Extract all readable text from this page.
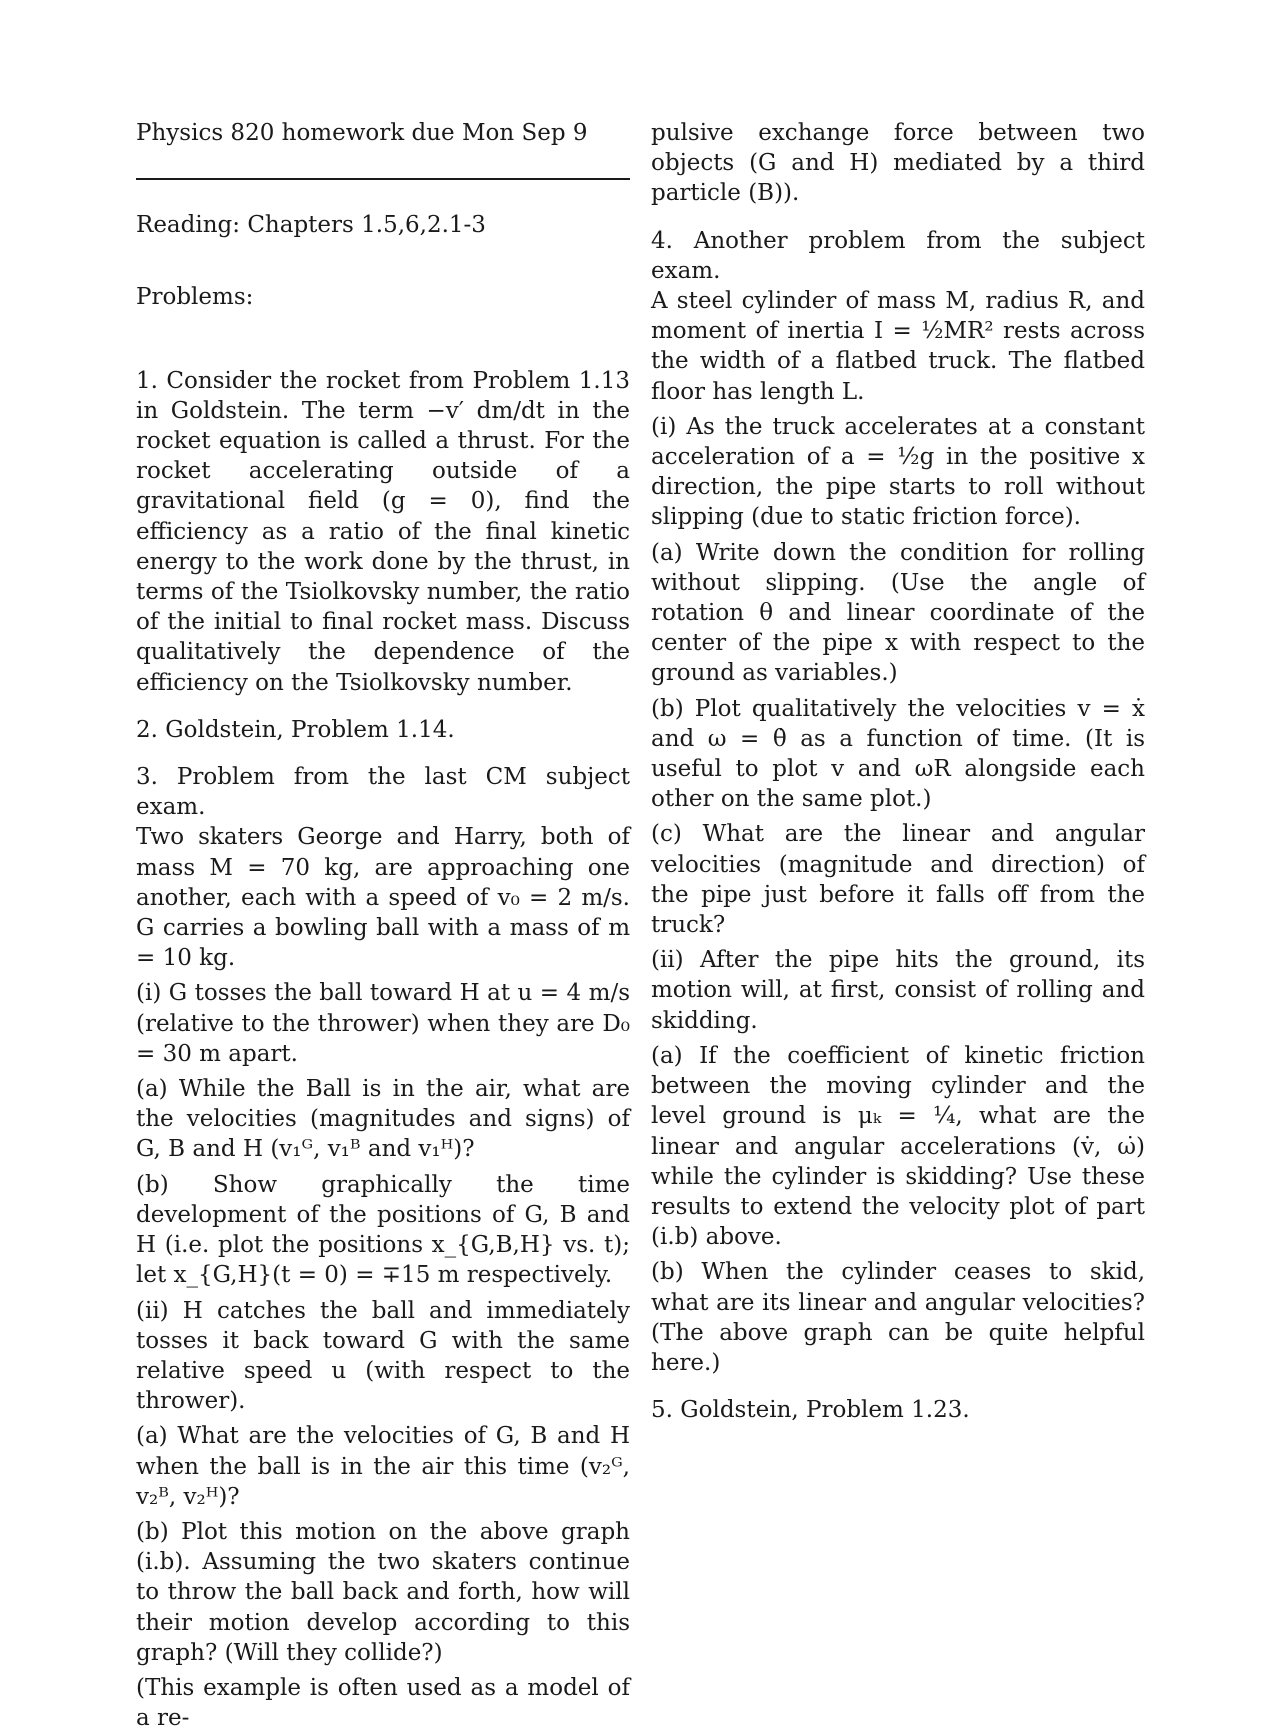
Physics 820 homework due Mon Sep 9

Reading: Chapters 1.5,6,2.1-3

Problems:

1. Consider the rocket from Problem 1.13 in Goldstein. The term −v′ dm/dt in the rocket equation is called a thrust. For the rocket accelerating outside of a gravitational field (g = 0), find the efficiency as a ratio of the final kinetic energy to the work done by the thrust, in terms of the Tsiolkovsky number, the ratio of the initial to final rocket mass. Discuss qualitatively the dependence of the efficiency on the Tsiolkovsky number.

2. Goldstein, Problem 1.14.

3. Problem from the last CM subject exam.

Two skaters George and Harry, both of mass M = 70 kg, are approaching one another, each with a speed of v₀ = 2 m/s. G carries a bowling ball with a mass of m = 10 kg.

(i) G tosses the ball toward H at u = 4 m/s (relative to the thrower) when they are D₀ = 30 m apart.

(a) While the Ball is in the air, what are the velocities (magnitudes and signs) of G, B and H (v₁ᴳ, v₁ᴮ and v₁ᴴ)?

(b) Show graphically the time development of the positions of G, B and H (i.e. plot the positions x_{G,B,H} vs. t); let x_{G,H}(t = 0) = ∓15 m respectively.

(ii) H catches the ball and immediately tosses it back toward G with the same relative speed u (with respect to the thrower).

(a) What are the velocities of G, B and H when the ball is in the air this time (v₂ᴳ, v₂ᴮ, v₂ᴴ)?

(b) Plot this motion on the above graph (i.b). Assuming the two skaters continue to throw the ball back and forth, how will their motion develop according to this graph? (Will they collide?)

(This example is often used as a model of a re-

pulsive exchange force between two objects (G and H) mediated by a third particle (B)).

4. Another problem from the subject exam.

A steel cylinder of mass M, radius R, and moment of inertia I = ½MR² rests across the width of a flatbed truck. The flatbed floor has length L.

(i) As the truck accelerates at a constant acceleration of a = ½g in the positive x direction, the pipe starts to roll without slipping (due to static friction force).

(a) Write down the condition for rolling without slipping. (Use the angle of rotation θ and linear coordinate of the center of the pipe x with respect to the ground as variables.)

(b) Plot qualitatively the velocities v = ẋ and ω = θ̇ as a function of time. (It is useful to plot v and ωR alongside each other on the same plot.)

(c) What are the linear and angular velocities (magnitude and direction) of the pipe just before it falls off from the truck?

(ii) After the pipe hits the ground, its motion will, at first, consist of rolling and skidding.

(a) If the coefficient of kinetic friction between the moving cylinder and the level ground is μₖ = ¼, what are the linear and angular accelerations (v̇, ω̇) while the cylinder is skidding? Use these results to extend the velocity plot of part (i.b) above.

(b) When the cylinder ceases to skid, what are its linear and angular velocities? (The above graph can be quite helpful here.)

5. Goldstein, Problem 1.23.
